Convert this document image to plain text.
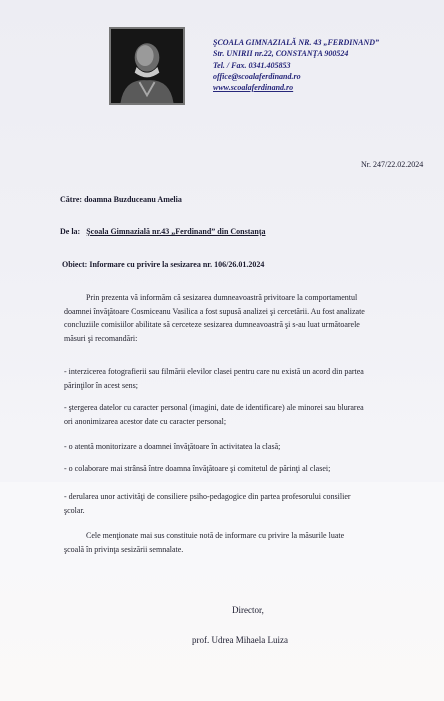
ŞCOALA GIMNAZIALĂ NR. 43 „FERDINAND”
Str. UNIRII nr.22, CONSTANŢA 900524
Tel. / Fax. 0341.405853
office@scoalaferdinand.ro
www.scoalaferdinand.ro
Nr. 247/22.02.2024
Către: doamna Buzduceanu Amelia
De la: Şcoala Gimnazială nr.43 „Ferdinand” din Constanţa
Obiect: Informare cu privire la sesizarea nr. 106/26.01.2024

Prin prezenta vă informăm că sesizarea dumneavoastră privitoare la comportamentul

doamnei învăţătoare Cosmiceanu Vasilica a fost supusă analizei şi cercetării. Au fost analizate

concluziile comisiilor abilitate să cerceteze sesizarea dumneavoastră şi s-au luat următoarele

măsuri şi recomandări:

- interzicerea fotografierii sau filmării elevilor clasei pentru care nu există un acord din partea

părinţilor în acest sens;

- ştergerea datelor cu caracter personal (imagini, date de identificare) ale minorei sau blurarea

ori anonimizarea acestor date cu caracter personal;

- o atentă monitorizare a doamnei învăţătoare în activitatea la clasă;

- o colaborare mai strânsă între doamna învăţătoare şi comitetul de părinţi al clasei;

- derularea unor activităţi de consiliere psiho-pedagogice din partea profesorului consilier

şcolar.

Cele menţionate mai sus constituie notă de informare cu privire la măsurile luate

şcoală în privinţa sesizării semnalate.

Director,
prof. Udrea Mihaela Luiza
